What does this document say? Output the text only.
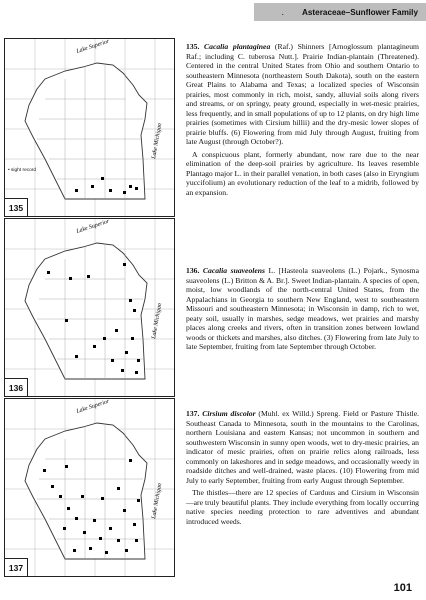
. Asteraceae–Sunflower Family
Lake Superior
Lake Michigan
• sight record
135
Lake Superior
Lake Michigan
136
Lake Superior
Lake Michigan
137

135. Cacalia plantaginea (Raf.) Shinners [Arnoglossum plantagineum Raf.; including C. tuberosa Nutt.]. Prairie Indian-plantain (Threatened). Centered in the central United States from Ohio and southern Ontario to southeastern Minnesota (northeastern South Dakota), south on the eastern Great Plains to Alabama and Texas; a localized species of Wisconsin prairies, most commonly in rich, moist, sandy, alluvial soils along rivers and streams, or on springy, peaty ground, especially in wet-mesic prairies, less frequently, and in small populations of up to 12 plants, on dry high lime prairies (sometimes with Cirsium hillii) and the dry-mesic lower slopes of prairie bluffs. (6) Flowering from mid July through August, fruiting from late August (through October?).

A conspicuous plant, formerly abundant, now rare due to the near elimination of the deep-soil prairies by agriculture. Its leaves resemble Plantago major L. in their parallel venation, in both cases (also in Eryngium yuccifolium) an evolutionary reduction of the leaf to a midrib, followed by an expansion.

136. Cacalia suaveolens L. [Hasteola suaveolens (L.) Pojark., Synosma suaveolens (L.) Britton & A. Br.]. Sweet Indian-plantain. A species of open, moist, low woodlands of the north-central United States, from the Appalachians in Georgia to southern New England, west to southeastern Missouri and southeastern Minnesota; in Wisconsin in damp, rich to wet, peaty soil, usually in marshes, sedge meadows, wet prairies and marshy places along creeks and rivers, often in transition zones between lowland woods or thickets and marshes, also ditches. (3) Flowering from late July to late September, fruiting from late September through October.

137. Cirsium discolor (Muhl. ex Willd.) Spreng. Field or Pasture Thistle. Southeast Canada to Minnesota, south in the mountains to the Carolinas, northern Louisiana and eastern Kansas; not uncommon in southern and southwestern Wisconsin in sunny open woods, wet to dry-mesic prairies, an indicator of mesic prairies, often on prairie relics along railroads, less commonly on lakeshores and in sedge meadows, and occasionally weedy in roadside ditches and well-drained, waste places. (10) Flowering from mid July to early September, fruiting from early August through September.

The thistles—there are 12 species of Carduus and Cirsium in Wisconsin—are truly beautiful plants. They include everything from locally occurring native species needing protection to rare adventives and abundant introduced weeds.

101
